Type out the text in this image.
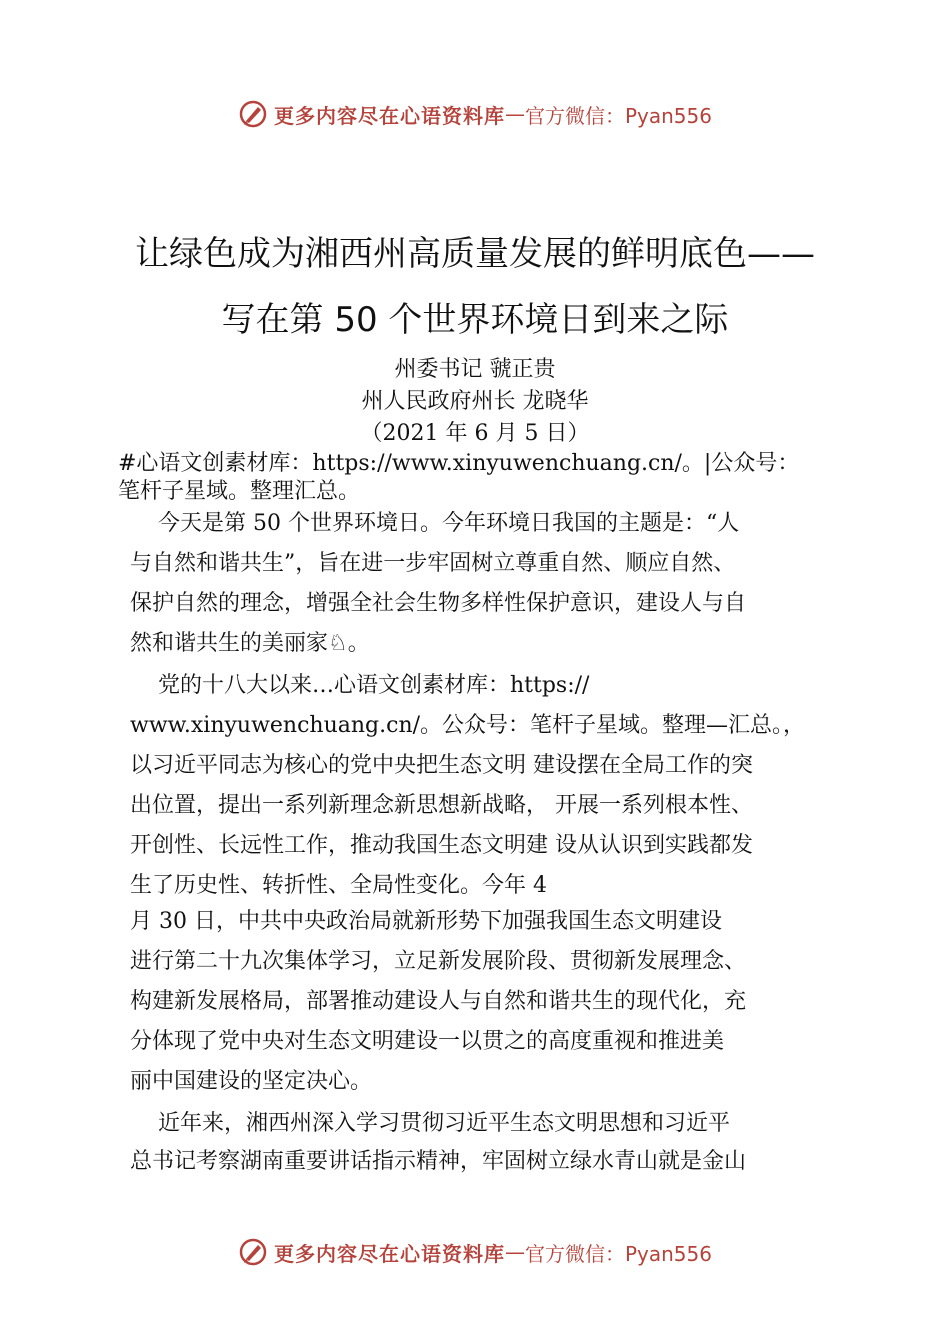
更多内容尽在心语资料库 — 官方微信：Pyan556
让绿色成为湘西州高质量发展的鲜明底色——
写在第 50 个世界环境日到来之际
州委书记 虢正贵
州人民政府州长 龙晓华
（2021 年 6 月 5 日）
#心语文创素材库：https://www.xinyuwenchuang.cn/。|公众号：
笔杆子星域。整理汇总。
今天是第 50 个世界环境日。今年环境日我国的主题是：“人
与自然和谐共生”，旨在进一步牢固树立尊重自然、顺应自然、
保护自然的理念，增强全社会生物多样性保护意识，建设人与自
然和谐共生的美丽家♘。
党的十八大以来…心语文创素材库：https://
www.xinyuwenchuang.cn/。公众号：笔杆子星域。整理—汇总。，
以习近平同志为核心的党中央把生态文明 建设摆在全局工作的突
出位置，提出一系列新理念新思想新战略， 开展一系列根本性、
开创性、长远性工作，推动我国生态文明建 设从认识到实践都发
生了历史性、转折性、全局性变化。今年 4
月 30 日，中共中央政治局就新形势下加强我国生态文明建设
进行第二十九次集体学习，立足新发展阶段、贯彻新发展理念、
构建新发展格局，部署推动建设人与自然和谐共生的现代化，充
分体现了党中央对生态文明建设一以贯之的高度重视和推进美
丽中国建设的坚定决心。
近年来，湘西州深入学习贯彻习近平生态文明思想和习近平
总书记考察湖南重要讲话指示精神，牢固树立绿水青山就是金山
更多内容尽在心语资料库 — 官方微信：Pyan556
